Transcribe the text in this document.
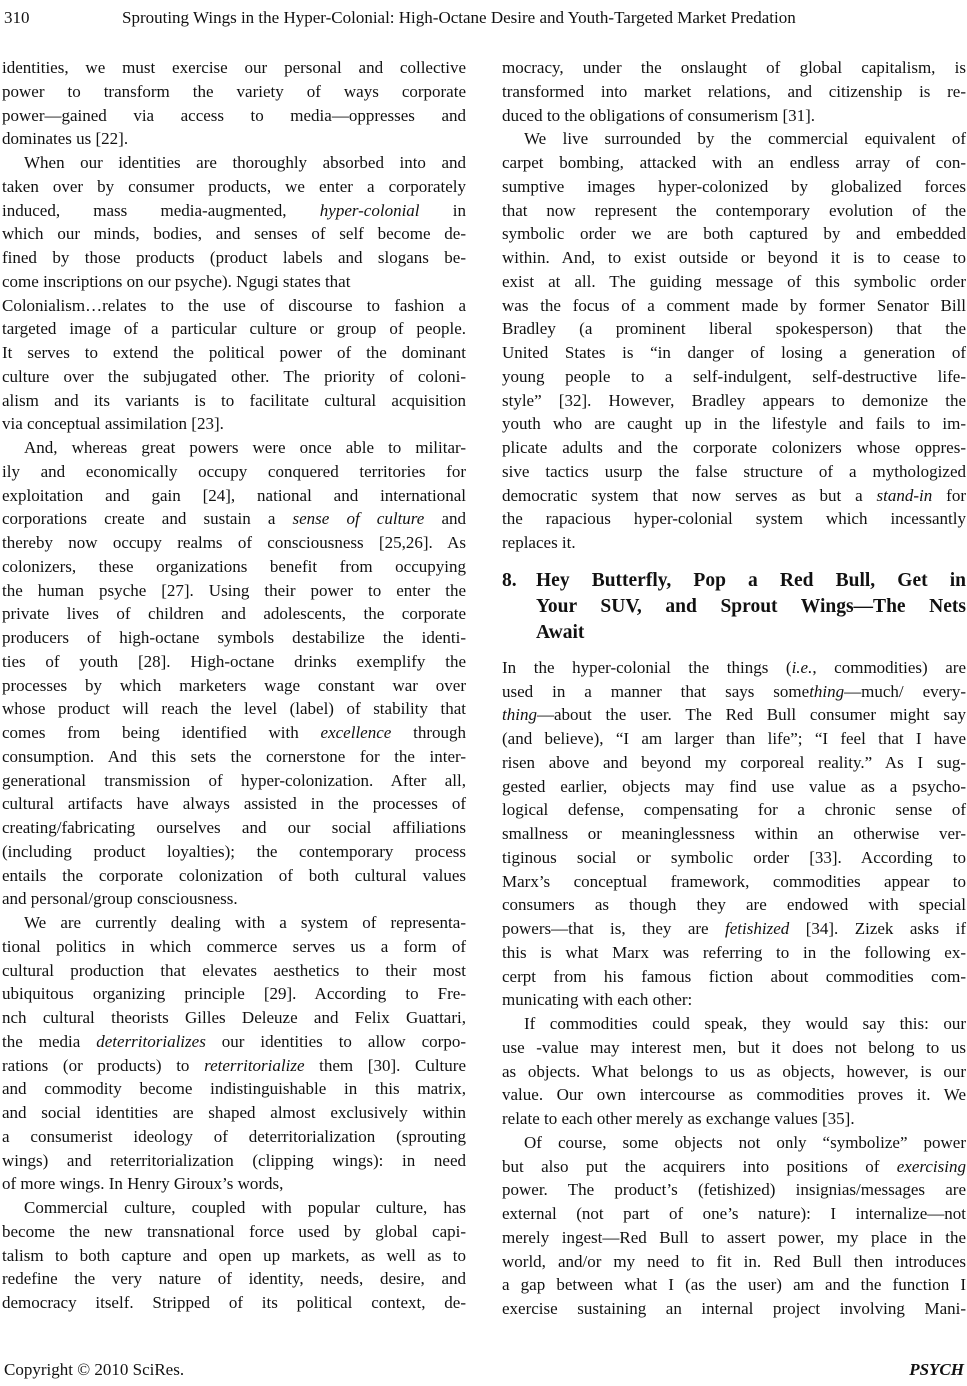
310	Sprouting Wings in the Hyper-Colonial: High-Octane Desire and Youth-Targeted Market Predation
identities, we must exercise our personal and collective
power to transform the variety of ways corporate
power—gained via access to media—oppresses and
dominates us [22].
When our identities are thoroughly absorbed into and
taken over by consumer products, we enter a corporately
induced, mass media-augmented, hyper-colonial in
which our minds, bodies, and senses of self become de-
fined by those products (product labels and slogans be-
come inscriptions on our psyche). Ngugi states that
Colonialism…relates to the use of discourse to fashion a
targeted image of a particular culture or group of people.
It serves to extend the political power of the dominant
culture over the subjugated other. The priority of coloni-
alism and its variants is to facilitate cultural acquisition
via conceptual assimilation [23].
And, whereas great powers were once able to militar-
ily and economically occupy conquered territories for
exploitation and gain [24], national and international
corporations create and sustain a sense of culture and
thereby now occupy realms of consciousness [25,26]. As
colonizers, these organizations benefit from occupying
the human psyche [27]. Using their power to enter the
private lives of children and adolescents, the corporate
producers of high-octane symbols destabilize the identi-
ties of youth [28]. High-octane drinks exemplify the
processes by which marketers wage constant war over
whose product will reach the level (label) of stability that
comes from being identified with excellence through
consumption. And this sets the cornerstone for the inter-
generational transmission of hyper-colonization. After all,
cultural artifacts have always assisted in the processes of
creating/fabricating ourselves and our social affiliations
(including product loyalties); the contemporary process
entails the corporate colonization of both cultural values
and personal/group consciousness.
We are currently dealing with a system of representa-
tional politics in which commerce serves us a form of
cultural production that elevates aesthetics to their most
ubiquitous organizing principle [29]. According to Fre-
nch cultural theorists Gilles Deleuze and Felix Guattari,
the media deterritorializes our identities to allow corpo-
rations (or products) to reterritorialize them [30]. Culture
and commodity become indistinguishable in this matrix,
and social identities are shaped almost exclusively within
a consumerist ideology of deterritorialization (sprouting
wings) and reterritorialization (clipping wings): in need
of more wings. In Henry Giroux’s words,
Commercial culture, coupled with popular culture, has
become the new transnational force used by global capi-
talism to both capture and open up markets, as well as to
redefine the very nature of identity, needs, desire, and
democracy itself. Stripped of its political context, de-
mocracy, under the onslaught of global capitalism, is
transformed into market relations, and citizenship is re-
duced to the obligations of consumerism [31].
We live surrounded by the commercial equivalent of
carpet bombing, attacked with an endless array of con-
sumptive images hyper-colonized by globalized forces
that now represent the contemporary evolution of the
symbolic order we are both captured by and embedded
within. And, to exist outside or beyond it is to cease to
exist at all. The guiding message of this symbolic order
was the focus of a comment made by former Senator Bill
Bradley (a prominent liberal spokesperson) that the
United States is “in danger of losing a generation of
young people to a self-indulgent, self-destructive life-
style” [32]. However, Bradley appears to demonize the
youth who are caught up in the lifestyle and fails to im-
plicate adults and the corporate colonizers whose oppres-
sive tactics usurp the false structure of a mythologized
democratic system that now serves as but a stand-in for
the rapacious hyper-colonial system which incessantly
replaces it.
8. Hey Butterfly, Pop a Red Bull, Get in
Your SUV, and Sprout Wings—The Nets
Await
In the hyper-colonial the things (i.e., commodities) are
used in a manner that says something—much/ every-
thing—about the user. The Red Bull consumer might say
(and believe), “I am larger than life”; “I feel that I have
risen above and beyond my corporeal reality.” As I sug-
gested earlier, objects may find use value as a psycho-
logical defense, compensating for a chronic sense of
smallness or meaninglessness within an otherwise ver-
tiginous social or symbolic order [33]. According to
Marx’s conceptual framework, commodities appear to
consumers as though they are endowed with special
powers—that is, they are fetishized [34]. Zizek asks if
this is what Marx was referring to in the following ex-
cerpt from his famous fiction about commodities com-
municating with each other:
If commodities could speak, they would say this: our
use -value may interest men, but it does not belong to us
as objects. What belongs to us as objects, however, is our
value. Our own intercourse as commodities proves it. We
relate to each other merely as exchange values [35].
Of course, some objects not only “symbolize” power
but also put the acquirers into positions of exercising
power. The product’s (fetishized) insignias/messages are
external (not part of one’s nature): I internalize—not
merely ingest—Red Bull to assert power, my place in the
world, and/or my need to fit in. Red Bull then introduces
a gap between what I (as the user) am and the function I
exercise sustaining an internal project involving Mani-
Copyright © 2010 SciRes.	PSYCH
